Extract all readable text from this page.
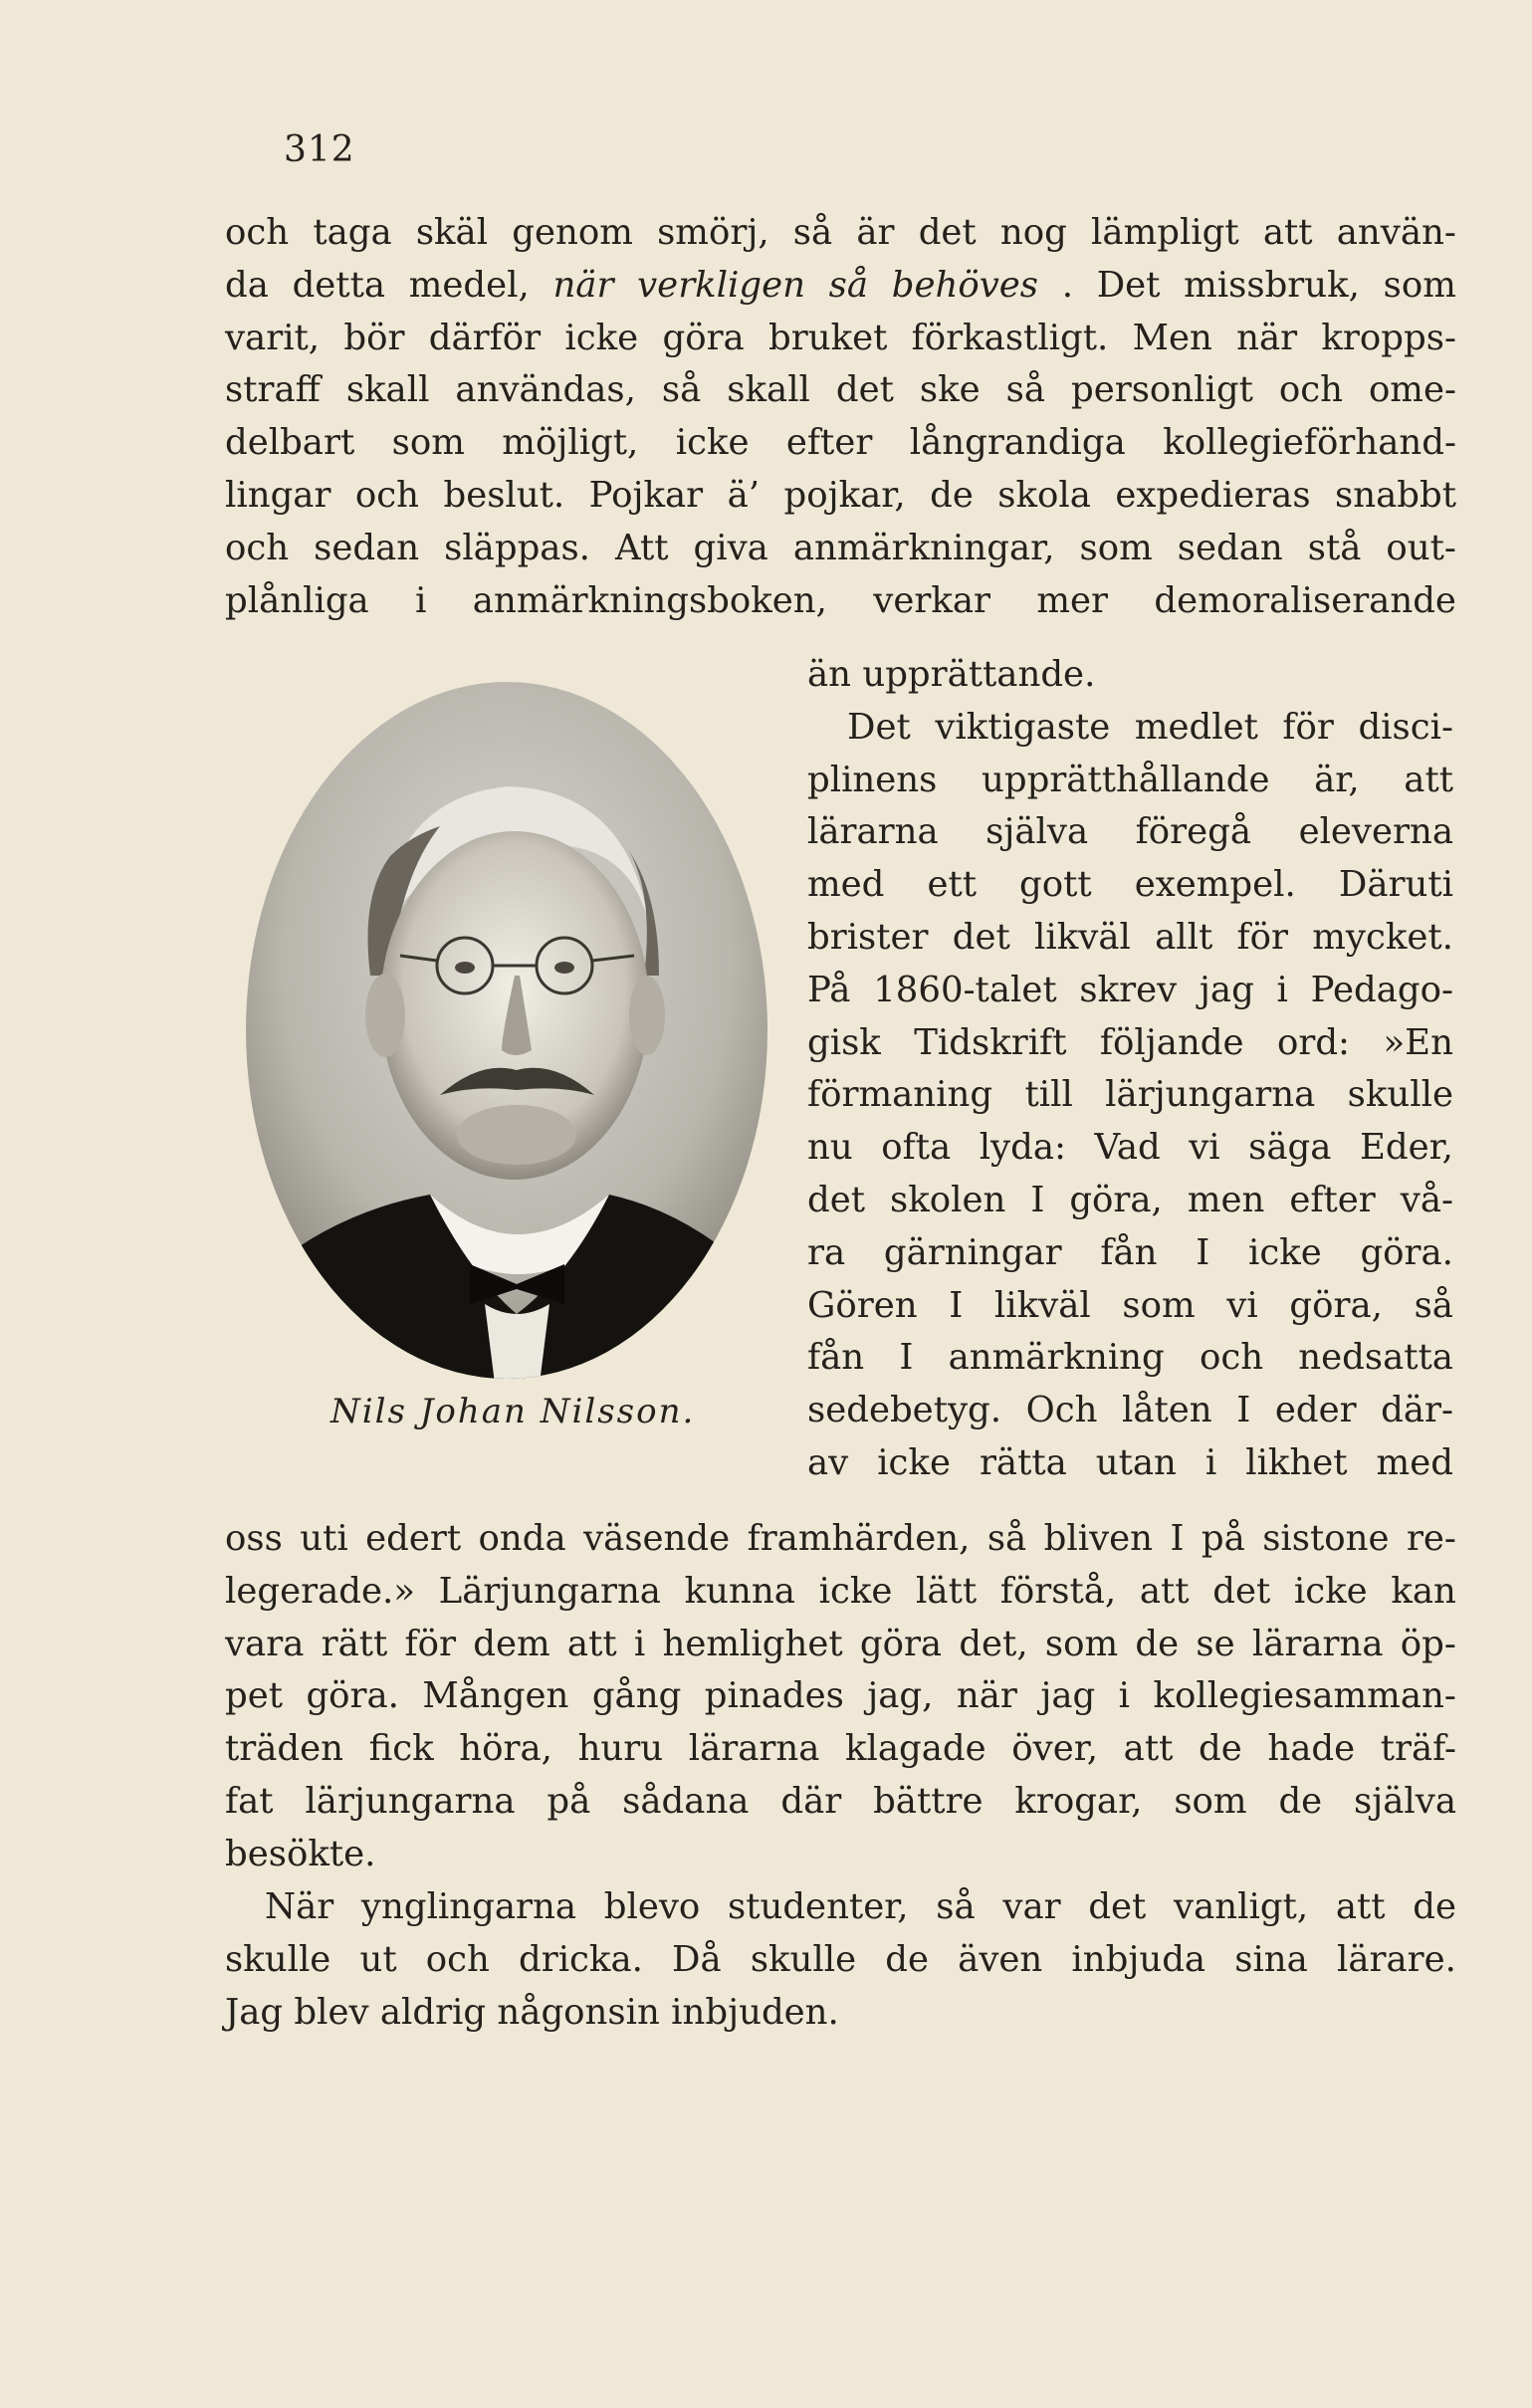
312
Nils Johan Nilsson.
och taga skäl genom smörj, så är det nog lämpligt att använ-
da detta medel, när verkligen så behöves . Det missbruk, som
varit, bör därför icke göra bruket förkastligt. Men när kropps-
straff skall användas, så skall det ske så personligt och ome-
delbart som möjligt, icke efter långrandiga kollegieförhand-
lingar och beslut. Pojkar ä’ pojkar, de skola expedieras snabbt
och sedan släppas. Att giva anmärkningar, som sedan stå out-
plånliga i anmärkningsboken, verkar mer demoraliserande
än upprättande.
Det viktigaste medlet för disci-
plinens upprätthållande är, att
lärarna själva föregå eleverna
med ett gott exempel. Däruti
brister det likväl allt för mycket.
På 1860-talet skrev jag i Pedago-
gisk Tidskrift följande ord: »En
förmaning till lärjungarna skulle
nu ofta lyda: Vad vi säga Eder,
det skolen I göra, men efter vå-
ra gärningar fån I icke göra.
Gören I likväl som vi göra, så
fån I anmärkning och nedsatta
sedebetyg. Och låten I eder där-
av icke rätta utan i likhet med
oss uti edert onda väsende framhärden, så bliven I på sistone re-
legerade.» Lärjungarna kunna icke lätt förstå, att det icke kan
vara rätt för dem att i hemlighet göra det, som de se lärarna öp-
pet göra. Mången gång pinades jag, när jag i kollegiesamman-
träden fick höra, huru lärarna klagade över, att de hade träf-
fat lärjungarna på sådana där bättre krogar, som de själva
besökte.
När ynglingarna blevo studenter, så var det vanligt, att de
skulle ut och dricka. Då skulle de även inbjuda sina lärare.
Jag blev aldrig någonsin inbjuden.
